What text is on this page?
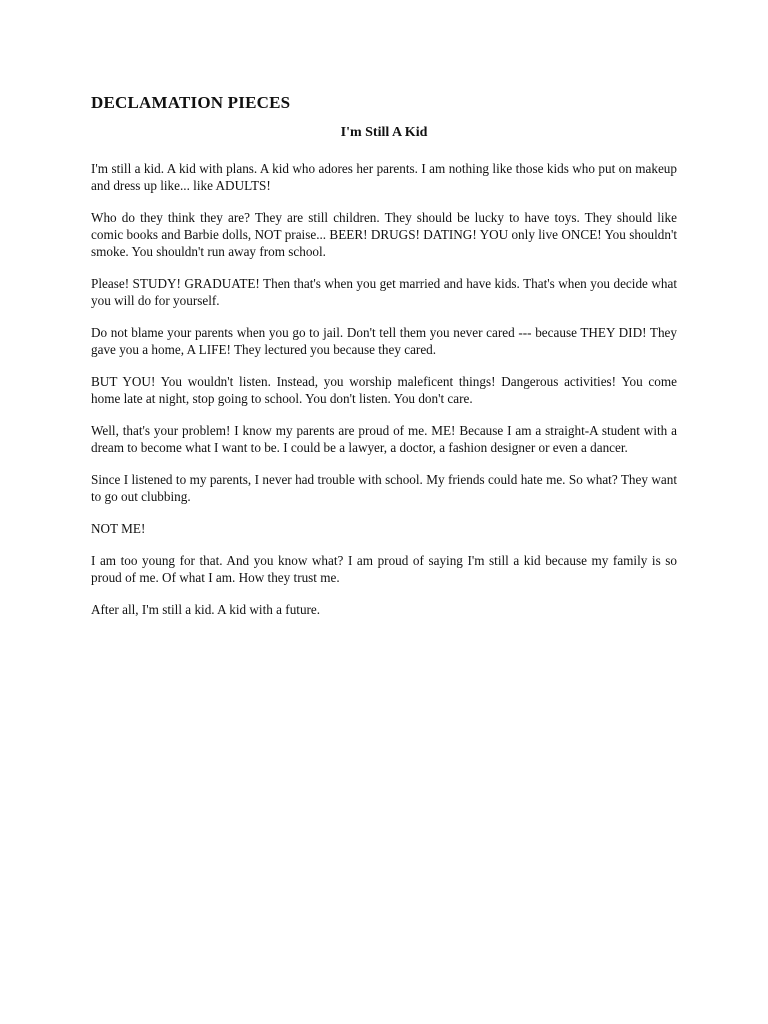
DECLAMATION PIECES
I'm Still A Kid

I'm still a kid. A kid with plans. A kid who adores her parents. I am nothing like those kids who put on makeup and dress up like... like ADULTS!

Who do they think they are? They are still children. They should be lucky to have toys. They should like comic books and Barbie dolls, NOT praise... BEER! DRUGS! DATING! YOU only live ONCE! You shouldn't smoke. You shouldn't run away from school.

Please! STUDY! GRADUATE! Then that's when you get married and have kids. That's when you decide what you will do for yourself.

Do not blame your parents when you go to jail. Don't tell them you never cared --- because THEY DID! They gave you a home, A LIFE! They lectured you because they cared.

BUT YOU! You wouldn't listen. Instead, you worship maleficent things! Dangerous activities! You come home late at night, stop going to school. You don't listen. You don't care.

Well, that's your problem! I know my parents are proud of me. ME! Because I am a straight-A student with a dream to become what I want to be. I could be a lawyer, a doctor, a fashion designer or even a dancer.

Since I listened to my parents, I never had trouble with school. My friends could hate me. So what? They want to go out clubbing.

NOT ME!

I am too young for that. And you know what? I am proud of saying I'm still a kid because my family is so proud of me. Of what I am. How they trust me.

After all, I'm still a kid. A kid with a future.
